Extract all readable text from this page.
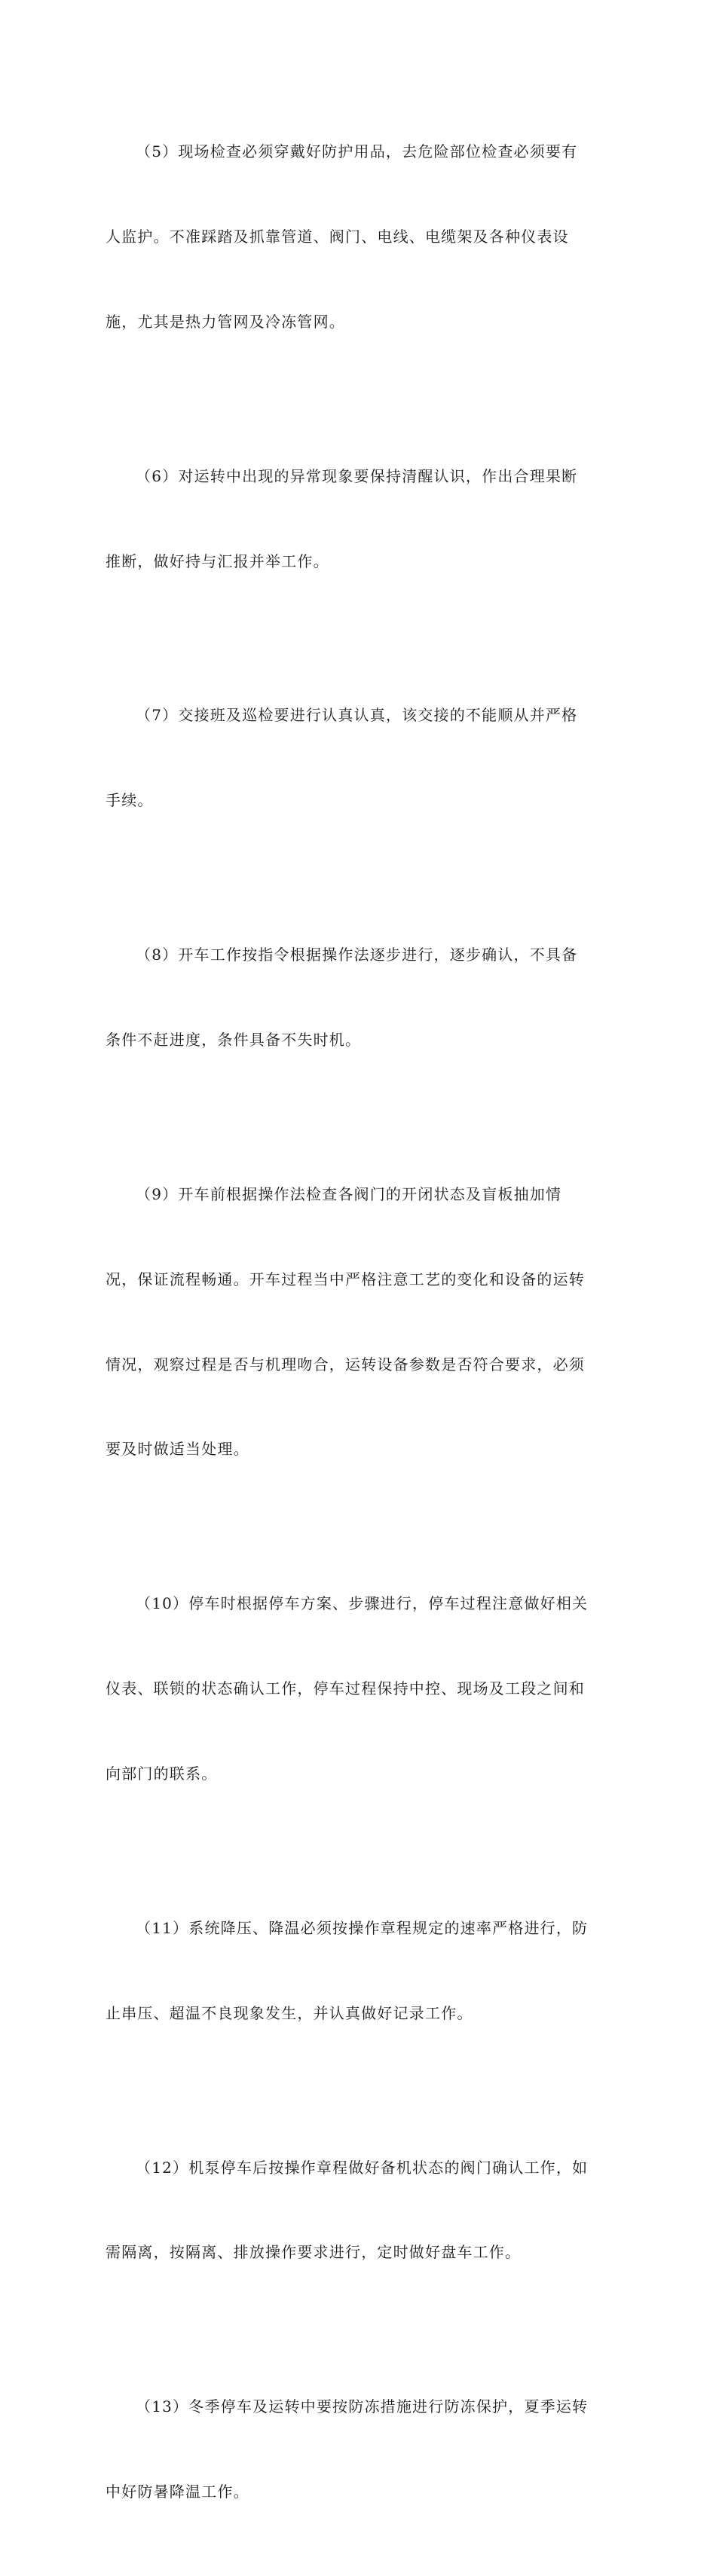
（5）现场检查必须穿戴好防护用品，去危险部位检查必须要有

人监护。不准踩踏及抓靠管道、阀门、电线、电缆架及各种仪表设

施，尤其是热力管网及冷冻管网。

（6）对运转中出现的异常现象要保持清醒认识，作出合理果断

推断，做好持与汇报并举工作。

（7）交接班及巡检要进行认真认真，该交接的不能顺从并严格

手续。

（8）开车工作按指令根据操作法逐步进行，逐步确认，不具备

条件不赶进度，条件具备不失时机。

（9）开车前根据操作法检查各阀门的开闭状态及盲板抽加情

况，保证流程畅通。开车过程当中严格注意工艺的变化和设备的运转

情况，观察过程是否与机理吻合，运转设备参数是否符合要求，必须

要及时做适当处理。

（10）停车时根据停车方案、步骤进行，停车过程注意做好相关

仪表、联锁的状态确认工作，停车过程保持中控、现场及工段之间和

向部门的联系。

（11）系统降压、降温必须按操作章程规定的速率严格进行，防

止串压、超温不良现象发生，并认真做好记录工作。

（12）机泵停车后按操作章程做好备机状态的阀门确认工作，如

需隔离，按隔离、排放操作要求进行，定时做好盘车工作。

（13）冬季停车及运转中要按防冻措施进行防冻保护，夏季运转

中好防暑降温工作。
